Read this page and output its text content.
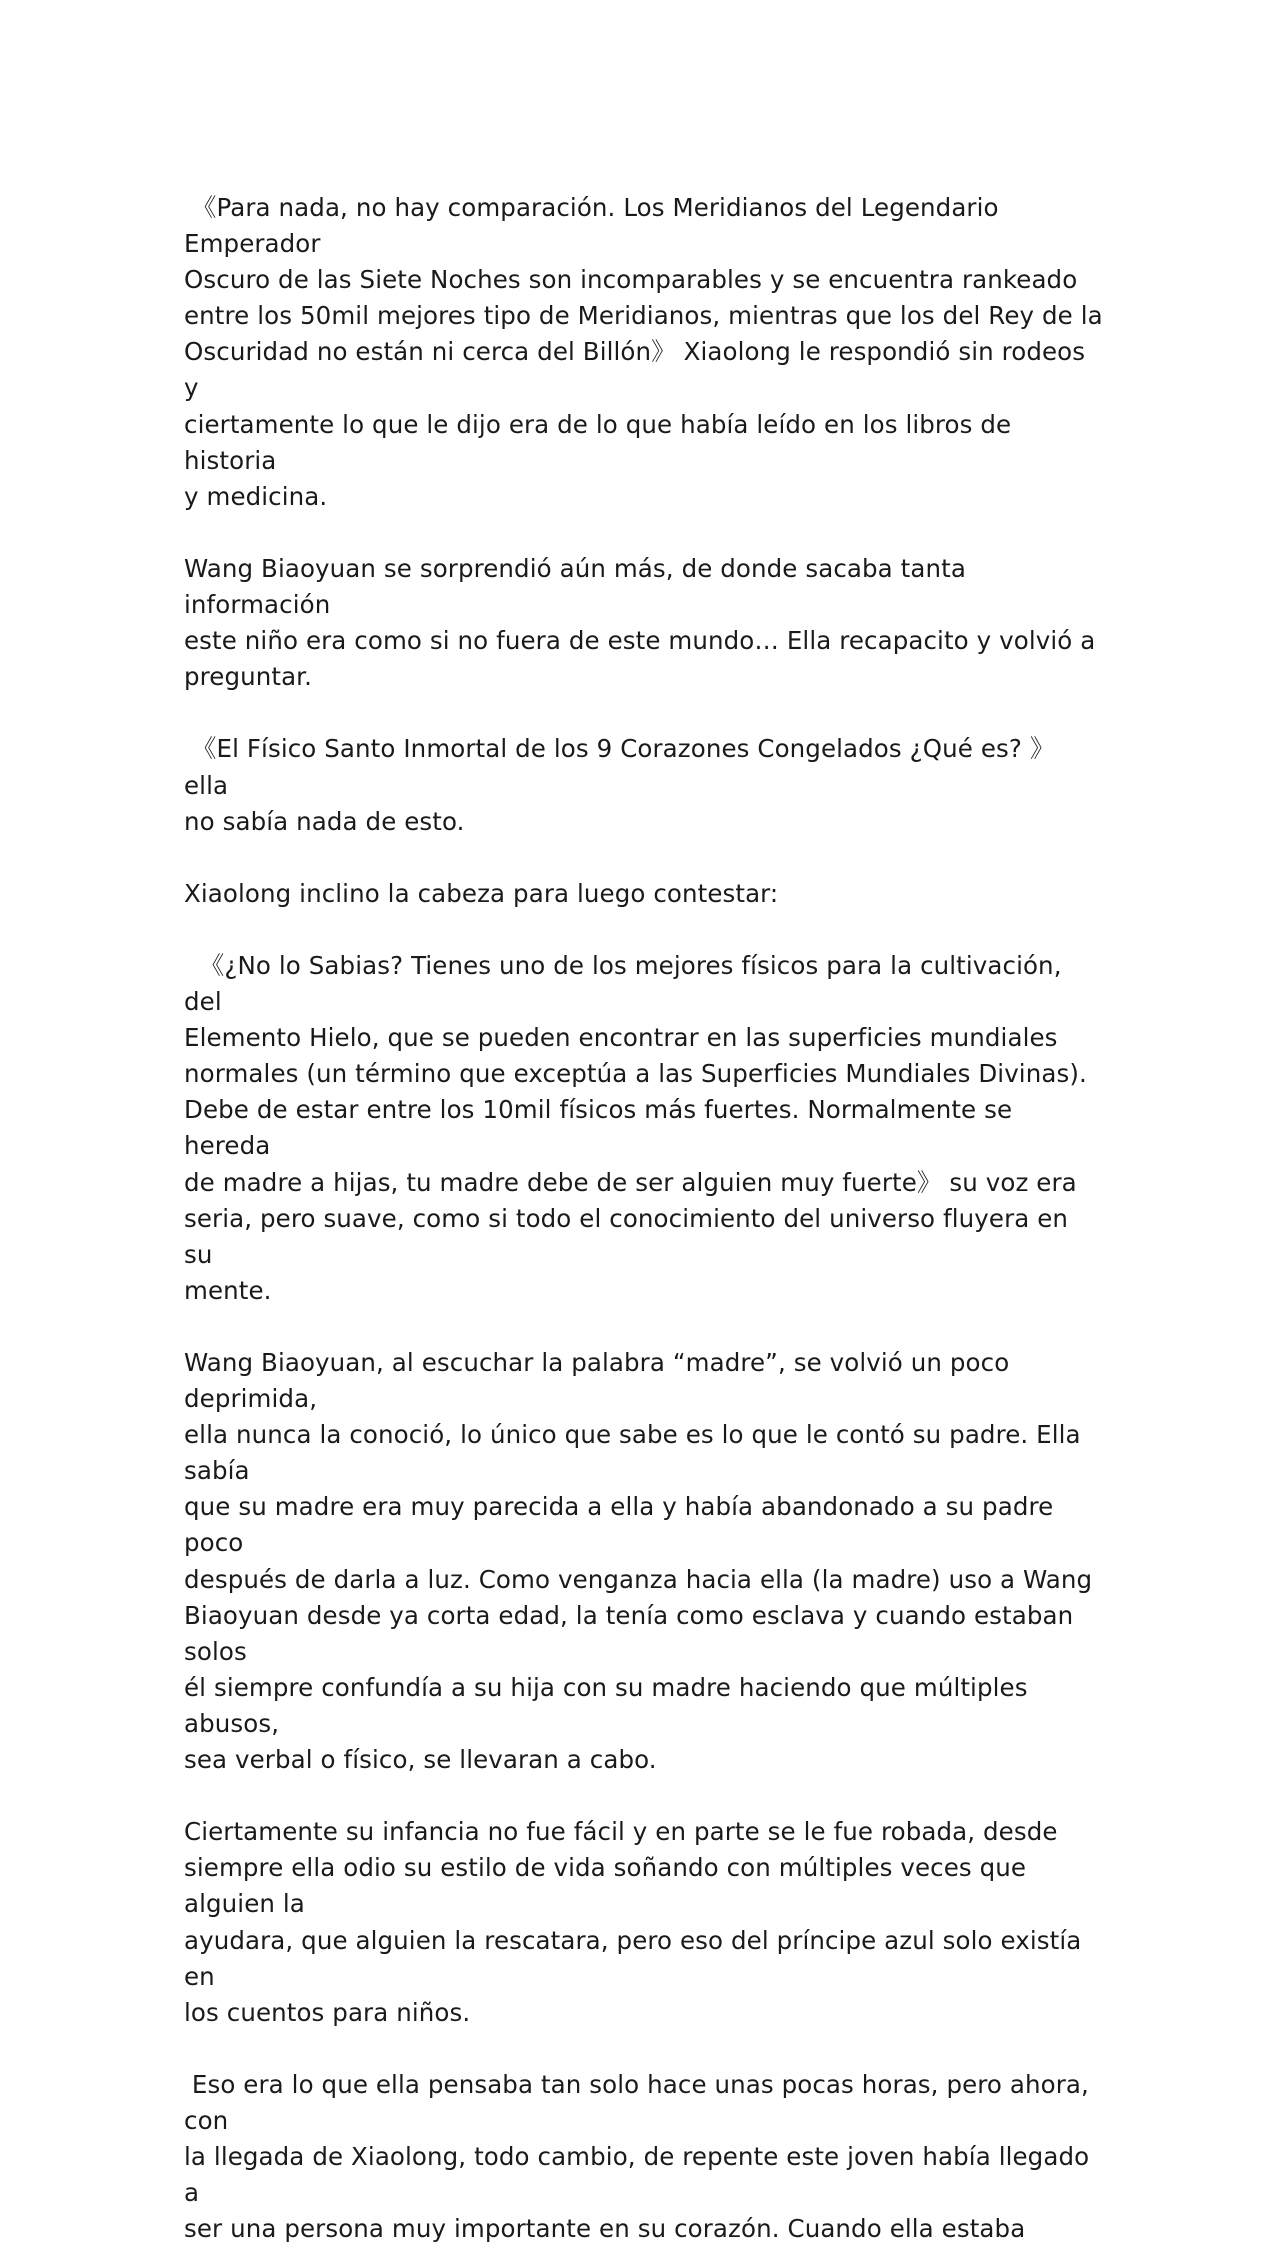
《Para nada, no hay comparación. Los Meridianos del Legendario Emperador
Oscuro de las Siete Noches son incomparables y se encuentra rankeado
entre los 50mil mejores tipo de Meridianos, mientras que los del Rey de la
Oscuridad no están ni cerca del Billón》 Xiaolong le respondió sin rodeos y
ciertamente lo que le dijo era de lo que había leído en los libros de historia
y medicina.

Wang Biaoyuan se sorprendió aún más, de donde sacaba tanta información
este niño era como si no fuera de este mundo… Ella recapacito y volvió a
preguntar.

《El Físico Santo Inmortal de los 9 Corazones Congelados ¿Qué es? 》 ella
no sabía nada de esto.

Xiaolong inclino la cabeza para luego contestar:

《¿No lo Sabias? Tienes uno de los mejores físicos para la cultivación, del
Elemento Hielo, que se pueden encontrar en las superficies mundiales
normales (un término que exceptúa a las Superficies Mundiales Divinas).
Debe de estar entre los 10mil físicos más fuertes. Normalmente se hereda
de madre a hijas, tu madre debe de ser alguien muy fuerte》 su voz era
seria, pero suave, como si todo el conocimiento del universo fluyera en su
mente.

Wang Biaoyuan, al escuchar la palabra “madre”, se volvió un poco deprimida,
ella nunca la conoció, lo único que sabe es lo que le contó su padre. Ella sabía
que su madre era muy parecida a ella y había abandonado a su padre poco
después de darla a luz. Como venganza hacia ella (la madre) uso a Wang
Biaoyuan desde ya corta edad, la tenía como esclava y cuando estaban solos
él siempre confundía a su hija con su madre haciendo que múltiples abusos,
sea verbal o físico, se llevaran a cabo.

Ciertamente su infancia no fue fácil y en parte se le fue robada, desde
siempre ella odio su estilo de vida soñando con múltiples veces que alguien la
ayudara, que alguien la rescatara, pero eso del príncipe azul solo existía en
los cuentos para niños.

Eso era lo que ella pensaba tan solo hace unas pocas horas, pero ahora, con
la llegada de Xiaolong, todo cambio, de repente este joven había llegado a
ser una persona muy importante en su corazón. Cuando ella estaba
